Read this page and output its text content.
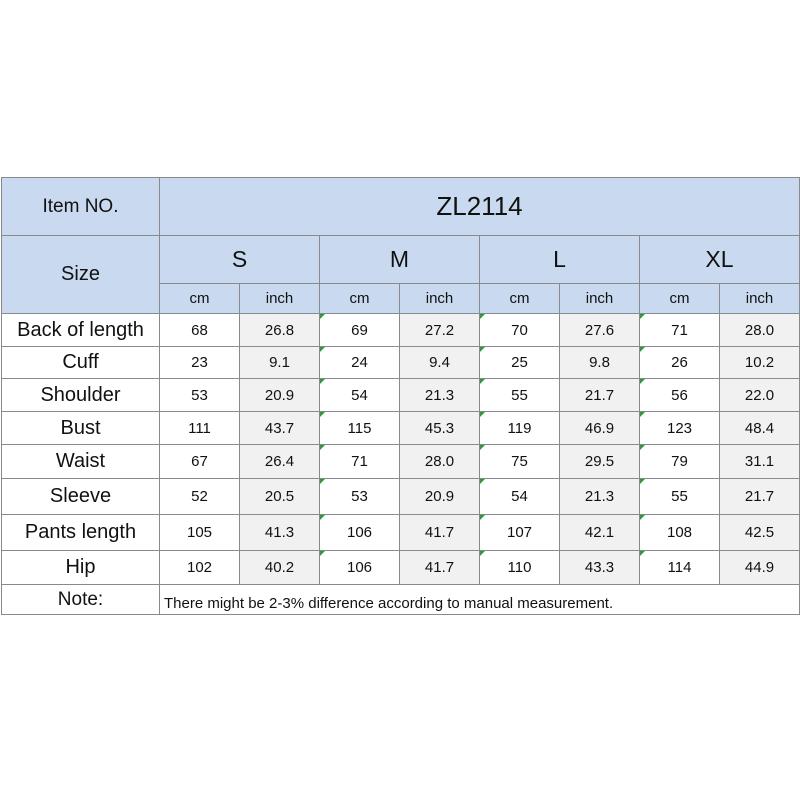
Item NO.	ZL2114							
Size	S		M		L		XL	
	cm	inch	cm	inch	cm	inch	cm	inch
Back of length	68	26.8	69	27.2	70	27.6	71	28.0
Cuff	23	9.1	24	9.4	25	9.8	26	10.2
Shoulder	53	20.9	54	21.3	55	21.7	56	22.0
Bust	111	43.7	115	45.3	119	46.9	123	48.4
Waist	67	26.4	71	28.0	75	29.5	79	31.1
Sleeve	52	20.5	53	20.9	54	21.3	55	21.7
Pants length	105	41.3	106	41.7	107	42.1	108	42.5
Hip	102	40.2	106	41.7	110	43.3	114	44.9
Note:	There might be 2-3% difference according to manual measurement.							
